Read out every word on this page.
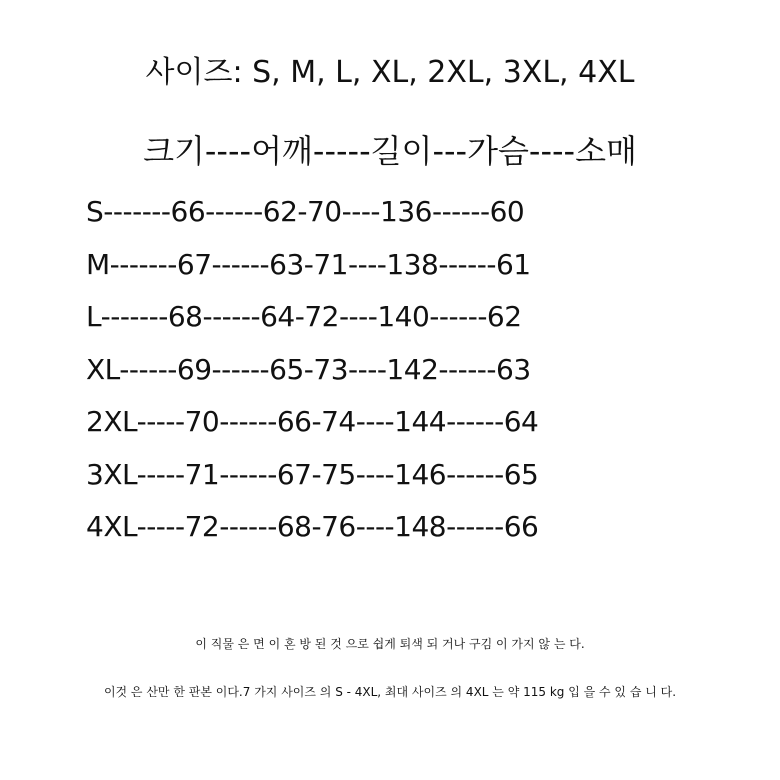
사이즈: S, M, L, XL, 2XL, 3XL, 4XL
크기----어깨-----길이---가슴----소매
S-------66------62-70----136------60
M-------67------63-71----138------61
L-------68------64-72----140------62
XL------69------65-73----142------63
2XL-----70------66-74----144------64
3XL-----71------67-75----146------65
4XL-----72------68-76----148------66
이 직물 은 면 이 혼 방 된 것 으로 쉽게 퇴색 되 거나 구김 이 가지 않 는 다.
이것 은 산만 한 판본 이다.7 가지 사이즈 의 S - 4XL, 최대 사이즈 의 4XL 는 약 115 kg 입 을 수 있 습 니 다.
